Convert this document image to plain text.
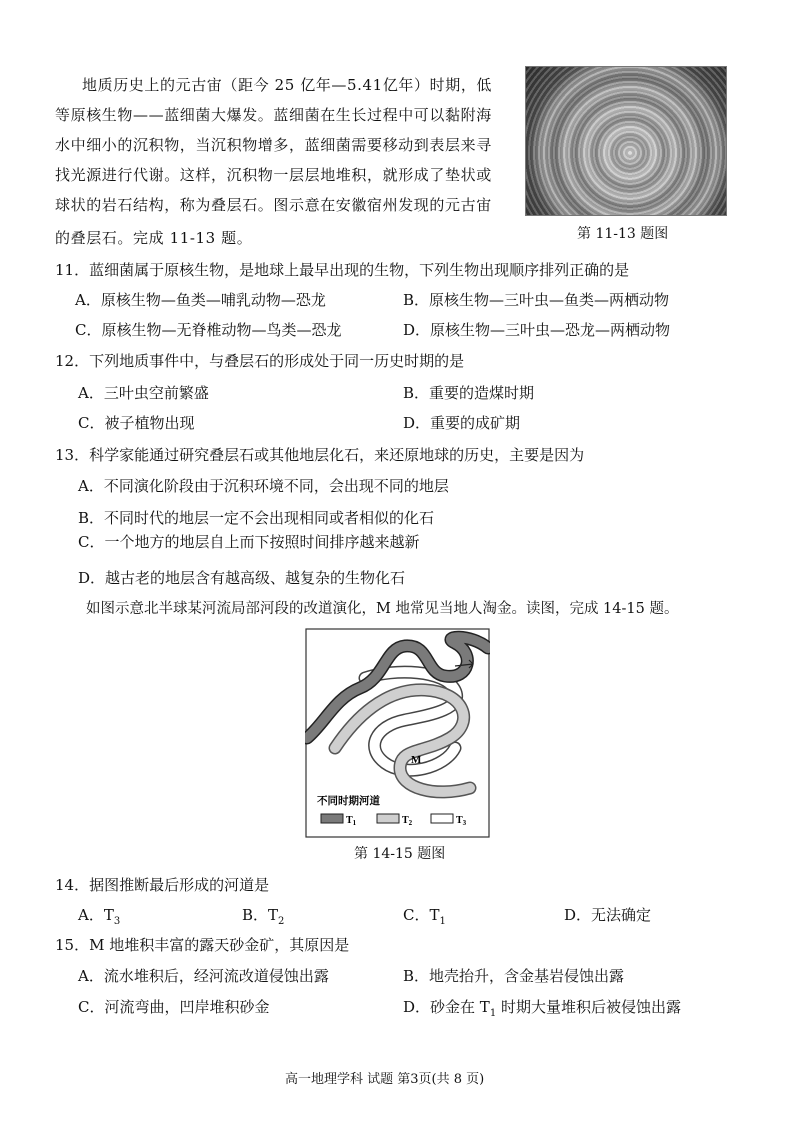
地质历史上的元古宙（距今 25 亿年—5.41亿年）时期，低
等原核生物——蓝细菌大爆发。蓝细菌在生长过程中可以黏附海
水中细小的沉积物，当沉积物增多，蓝细菌需要移动到表层来寻
找光源进行代谢。这样，沉积物一层层地堆积，就形成了垫状或
球状的岩石结构，称为叠层石。图示意在安徽宿州发现的元古宙
的叠层石。完成 11-13 题。	第 11-13 题图
11．蓝细菌属于原核生物，是地球上最早出现的生物，下列生物出现顺序排列正确的是
A．原核生物—鱼类—哺乳动物—恐龙	B．原核生物—三叶虫—鱼类—两栖动物
C．原核生物—无脊椎动物—鸟类—恐龙	D．原核生物—三叶虫—恐龙—两栖动物
12．下列地质事件中，与叠层石的形成处于同一历史时期的是
A．三叶虫空前繁盛	B．重要的造煤时期
C．被子植物出现	D．重要的成矿期
13．科学家能通过研究叠层石或其他地层化石，来还原地球的历史，主要是因为
A．不同演化阶段由于沉积环境不同，会出现不同的地层
B．不同时代的地层一定不会出现相同或者相似的化石
C．一个地方的地层自上而下按照时间排序越来越新
D．越古老的地层含有越高级、越复杂的生物化石
如图示意北半球某河流局部河段的改道演化，M 地常见当地人淘金。读图，完成 14-15 题。
M
不同时期河道
$T_1$	$T_2$	$T_3$
第 14-15 题图
14．据图推断最后形成的河道是
A．$T_3$	B．$T_2$	C．$T_1$	D．无法确定
15．M 地堆积丰富的露天砂金矿，其原因是
A．流水堆积后，经河流改道侵蚀出露	B．地壳抬升，含金基岩侵蚀出露
C．河流弯曲，凹岸堆积砂金	D．砂金在 $T_1$ 时期大量堆积后被侵蚀出露
高一地理学科 试题 第3页(共 8 页)
